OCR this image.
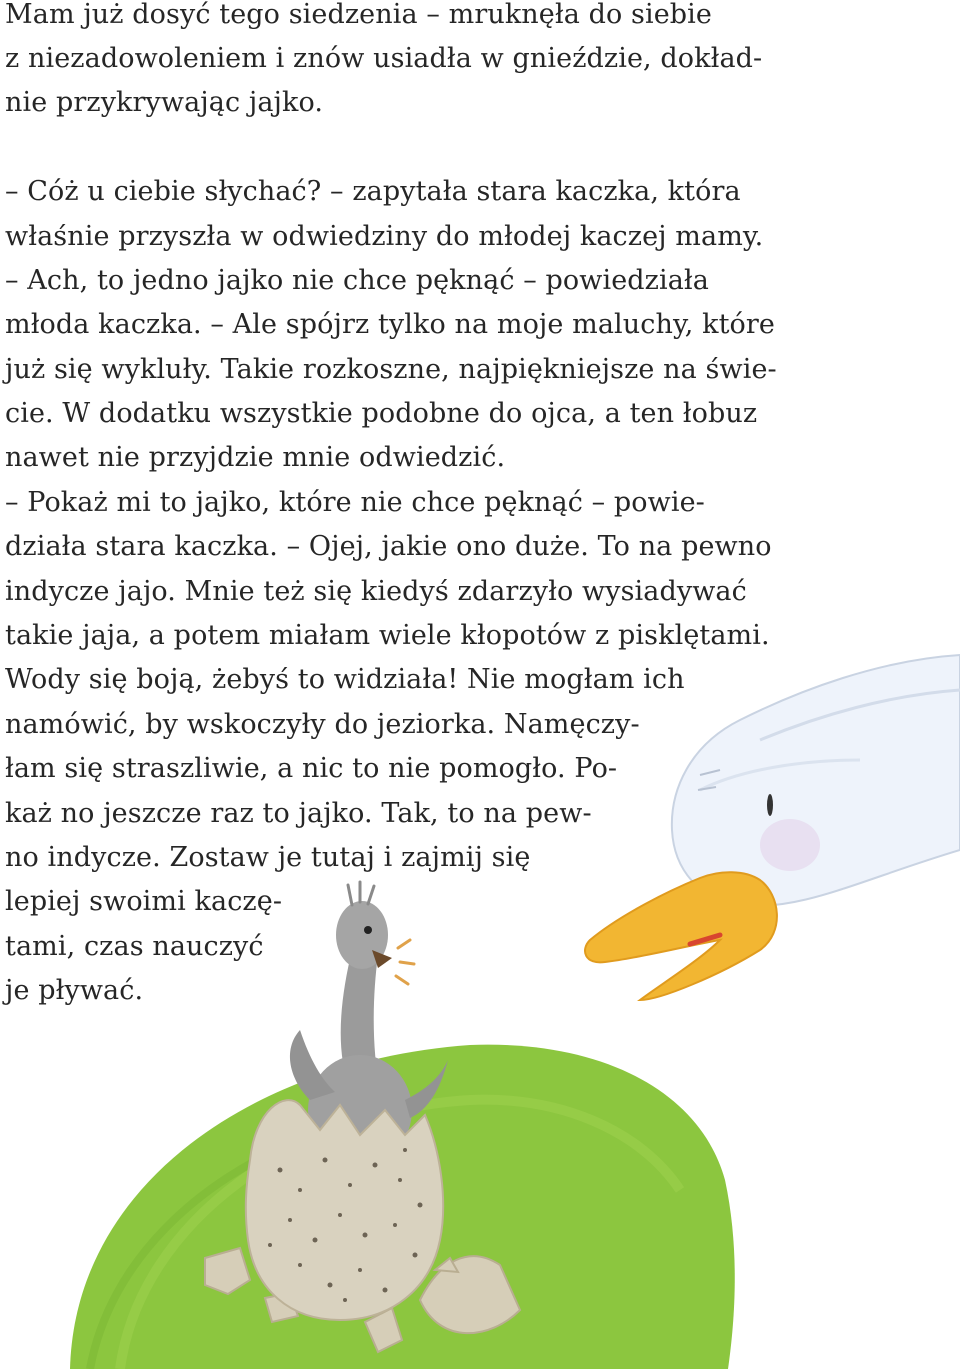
Mam już dosyć tego siedzenia – mruknęła do siebie
z niezadowoleniem i znów usiadła w gnieździe, dokład-
nie przykrywając jajko.
– Cóż u ciebie słychać? – zapytała stara kaczka, która
właśnie przyszła w odwiedziny do młodej kaczej mamy.
– Ach, to jedno jajko nie chce pęknąć – powiedziała
młoda kaczka. – Ale spójrz tylko na moje maluchy, które
już się wykluły. Takie rozkoszne, najpiękniejsze na świe-
cie. W dodatku wszystkie podobne do ojca, a ten łobuz
nawet nie przyjdzie mnie odwiedzić.
– Pokaż mi to jajko, które nie chce pęknąć – powie-
działa stara kaczka. – Ojej, jakie ono duże. To na pewno
indycze jajo. Mnie też się kiedyś zdarzyło wysiadywać
takie jaja, a potem miałam wiele kłopotów z pisklętami.
Wody się boją, żebyś to widziała! Nie mogłam ich
namówić, by wskoczyły do jeziorka. Namęczy-
łam się straszliwie, a nic to nie pomogło. Po-
każ no jeszcze raz to jajko. Tak, to na pew-
no indycze. Zostaw je tutaj i zajmij się
lepiej swoimi kaczę-
tami, czas nauczyć
je pływać.
